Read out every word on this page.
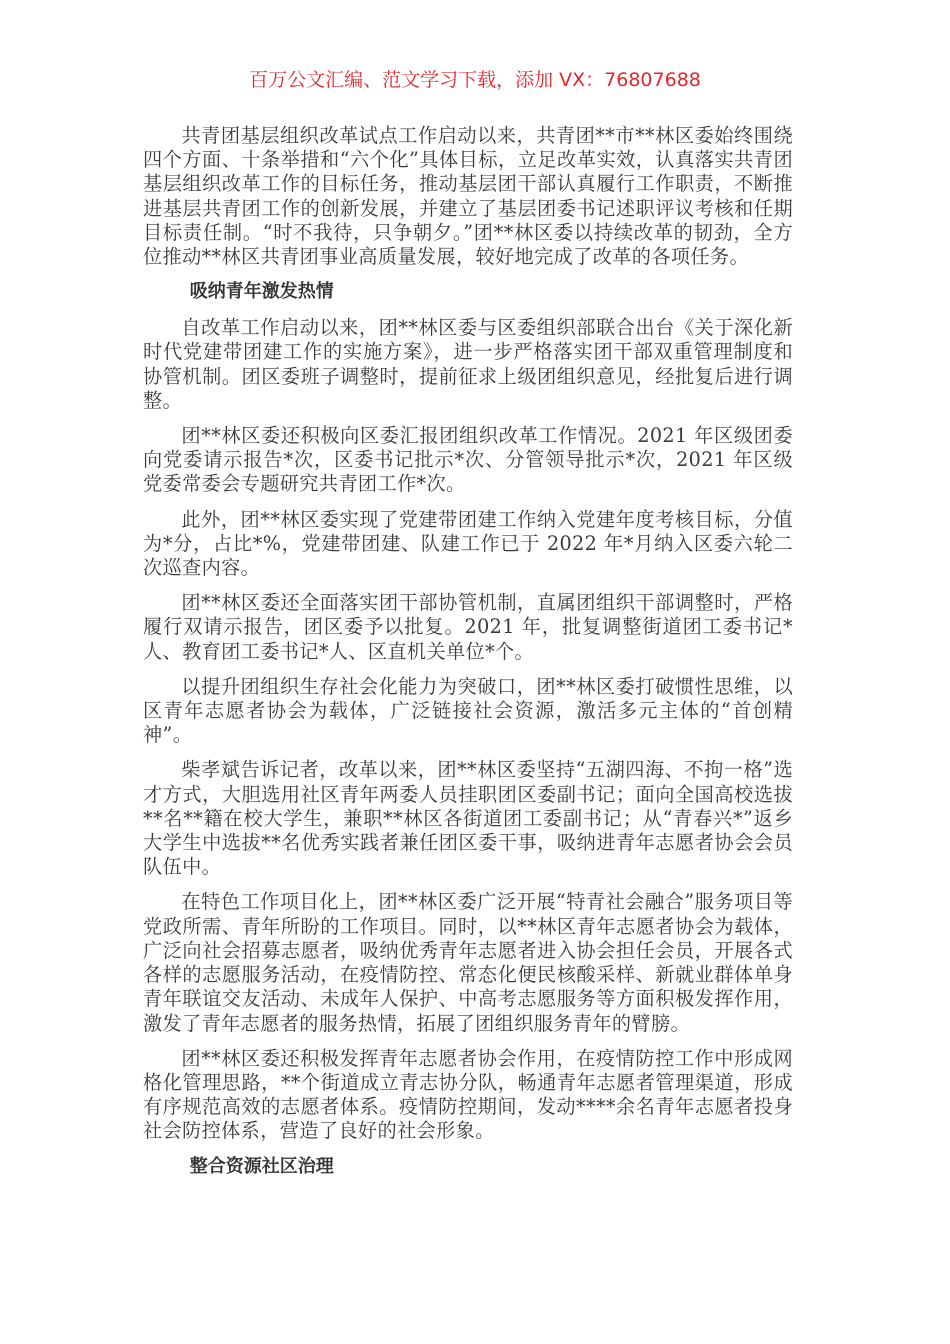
百万公文汇编、范文学习下载，添加 VX：76807688

共青团基层组织改革试点工作启动以来，共青团**市**林区委始终围绕四个方面、十条举措和“六个化”具体目标，立足改革实效，认真落实共青团基层组织改革工作的目标任务，推动基层团干部认真履行工作职责，不断推进基层共青团工作的创新发展，并建立了基层团委书记述职评议考核和任期目标责任制。“时不我待，只争朝夕。”团**林区委以持续改革的韧劲，全方位推动**林区共青团事业高质量发展，较好地完成了改革的各项任务。

吸纳青年激发热情

自改革工作启动以来，团**林区委与区委组织部联合出台《关于深化新时代党建带团建工作的实施方案》，进一步严格落实团干部双重管理制度和协管机制。团区委班子调整时，提前征求上级团组织意见，经批复后进行调整。

团**林区委还积极向区委汇报团组织改革工作情况。2021 年区级团委向党委请示报告*次，区委书记批示*次、分管领导批示*次，2021 年区级党委常委会专题研究共青团工作*次。

此外，团**林区委实现了党建带团建工作纳入党建年度考核目标，分值为*分，占比*%，党建带团建、队建工作已于 2022 年*月纳入区委六轮二次巡查内容。

团**林区委还全面落实团干部协管机制，直属团组织干部调整时，严格履行双请示报告，团区委予以批复。2021 年，批复调整街道团工委书记*人、教育团工委书记*人、区直机关单位*个。

以提升团组织生存社会化能力为突破口，团**林区委打破惯性思维，以区青年志愿者协会为载体，广泛链接社会资源，激活多元主体的“首创精神”。

柴孝斌告诉记者，改革以来，团**林区委坚持“五湖四海、不拘一格”选才方式，大胆选用社区青年两委人员挂职团区委副书记；面向全国高校选拔**名**籍在校大学生，兼职**林区各街道团工委副书记；从“青春兴*”返乡大学生中选拔**名优秀实践者兼任团区委干事，吸纳进青年志愿者协会会员队伍中。

在特色工作项目化上，团**林区委广泛开展“特青社会融合”服务项目等党政所需、青年所盼的工作项目。同时，以**林区青年志愿者协会为载体，广泛向社会招募志愿者，吸纳优秀青年志愿者进入协会担任会员，开展各式各样的志愿服务活动，在疫情防控、常态化便民核酸采样、新就业群体单身青年联谊交友活动、未成年人保护、中高考志愿服务等方面积极发挥作用，激发了青年志愿者的服务热情，拓展了团组织服务青年的臂膀。

团**林区委还积极发挥青年志愿者协会作用，在疫情防控工作中形成网格化管理思路，**个街道成立青志协分队，畅通青年志愿者管理渠道，形成有序规范高效的志愿者体系。疫情防控期间，发动****余名青年志愿者投身社会防控体系，营造了良好的社会形象。

整合资源社区治理
